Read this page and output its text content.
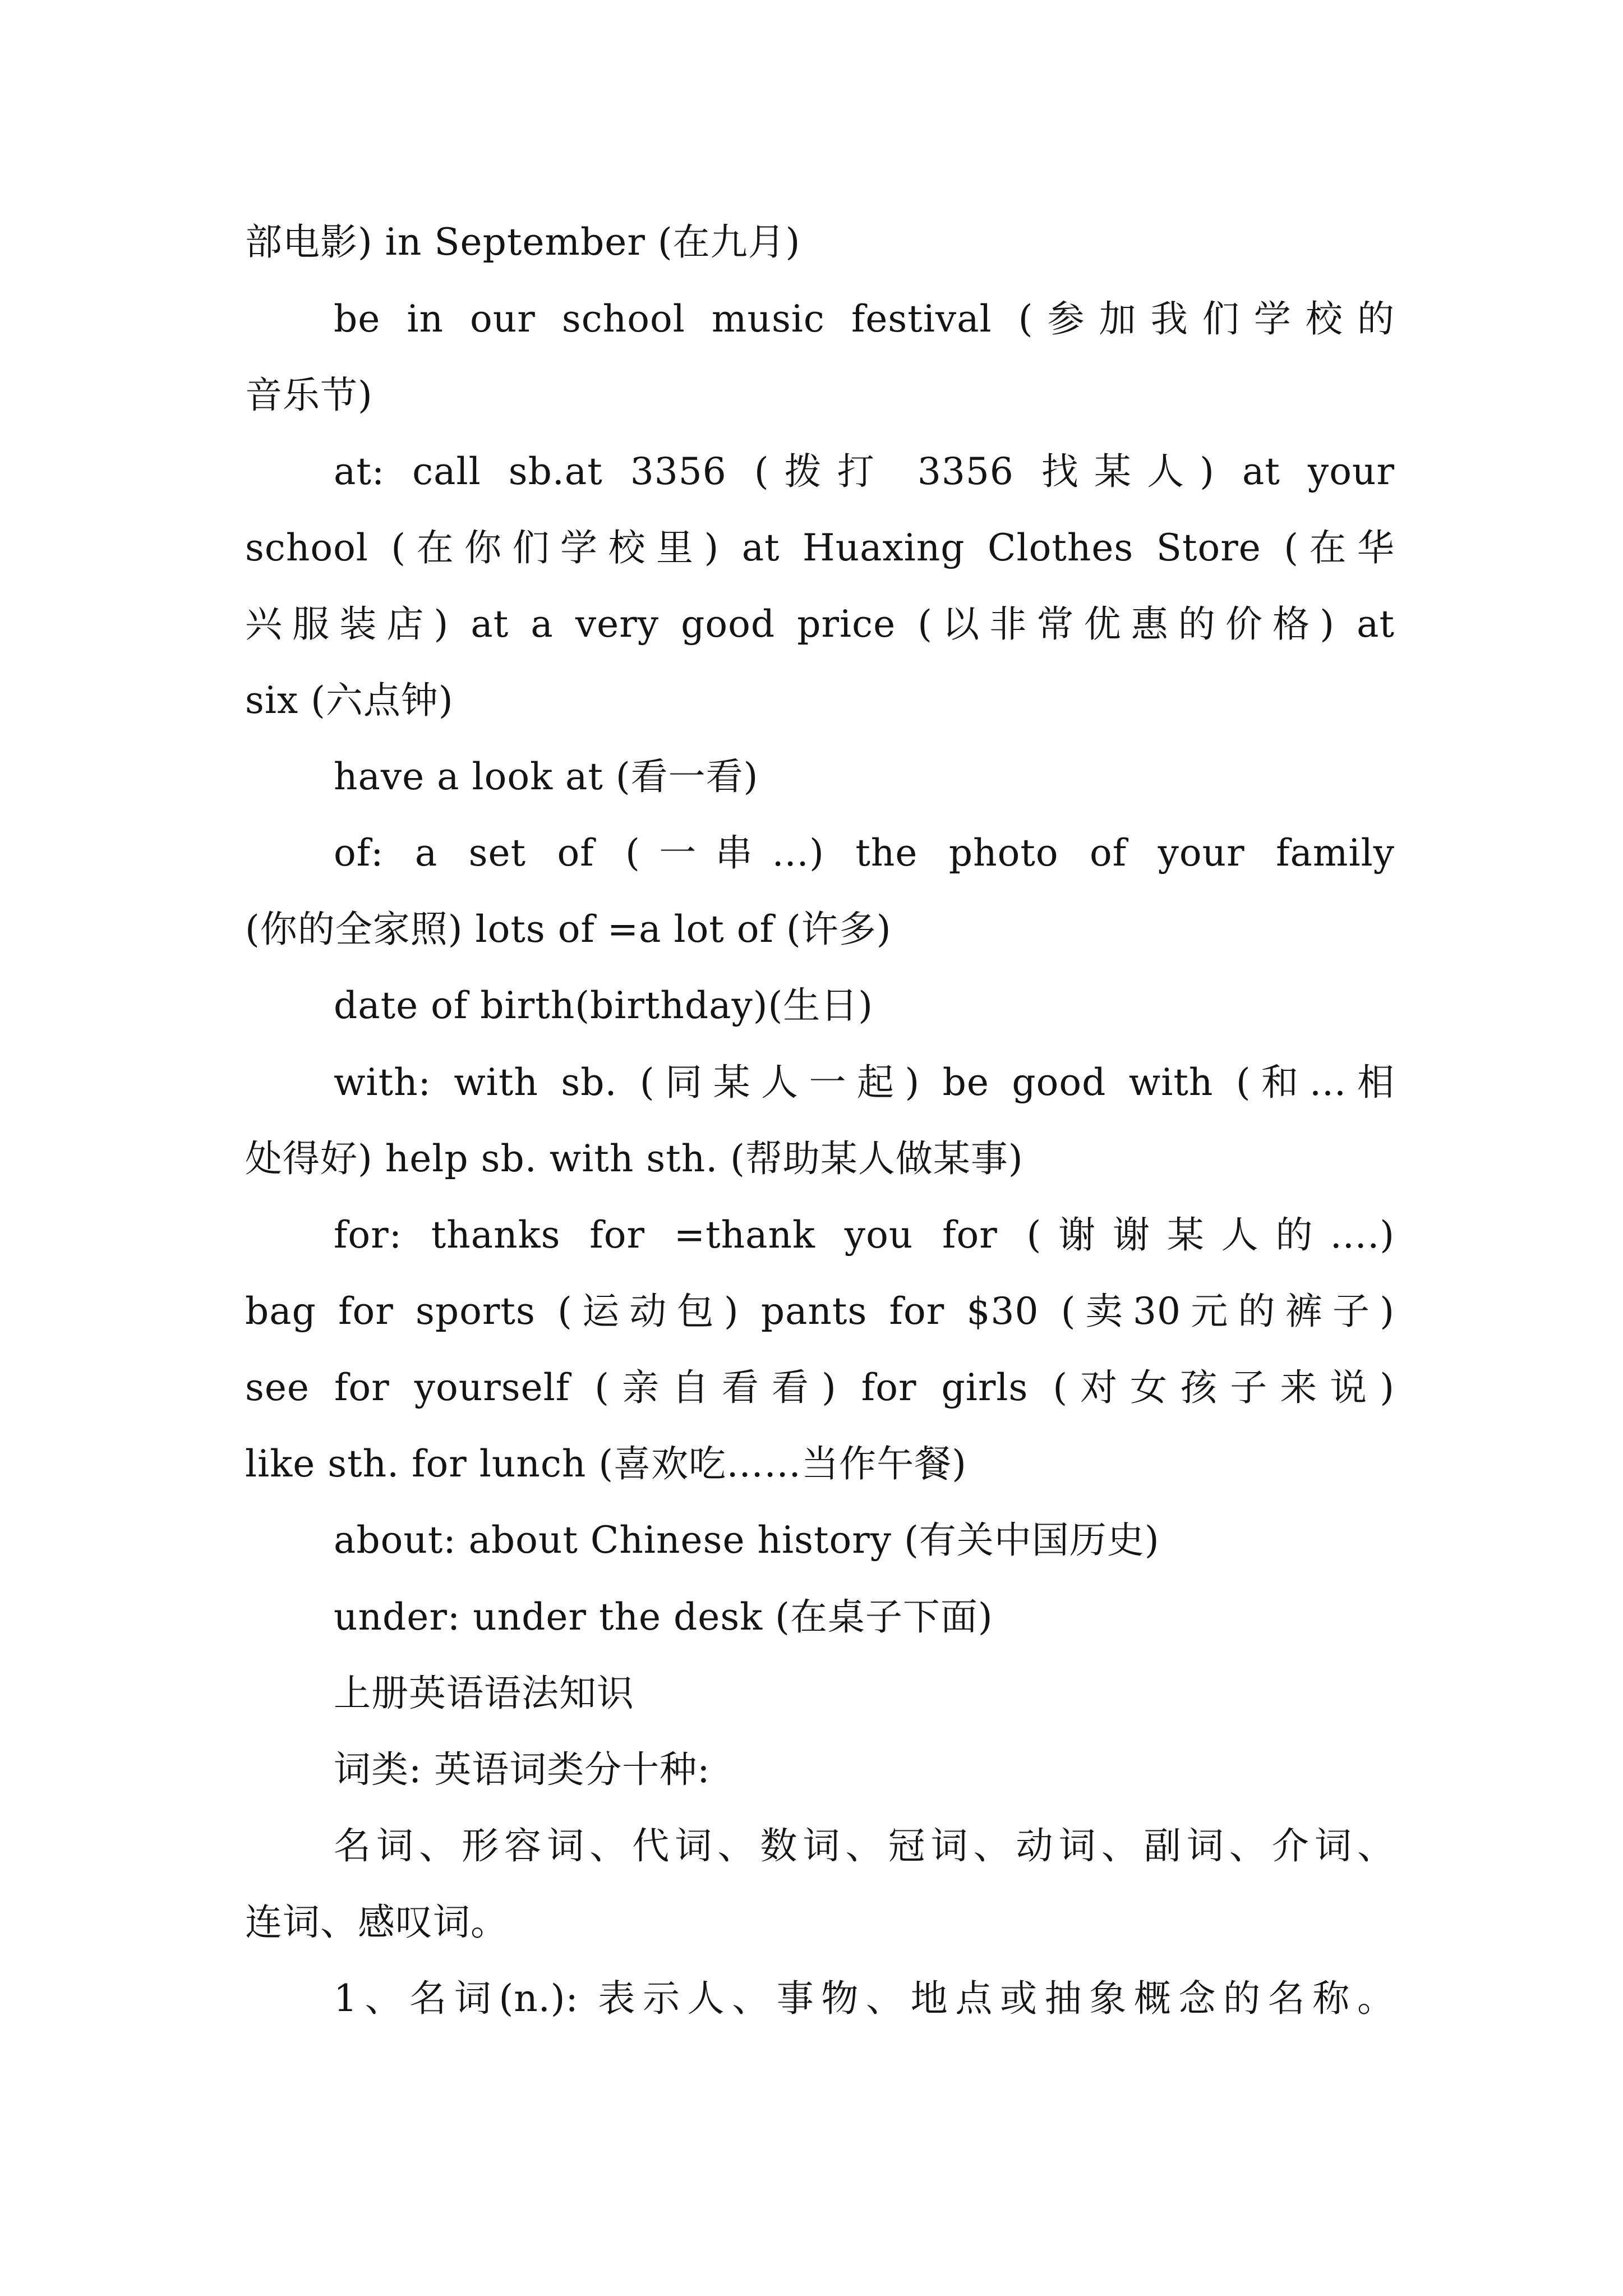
部电影) in September (在九月)
be in our school music festival (参加我们学校的
音乐节)
at: call sb.at 3356 (拨打 3356 找某人) at your
school (在你们学校里) at Huaxing Clothes Store (在华
兴服装店) at a very good price (以非常优惠的价格) at
six (六点钟)
have a look at (看一看)
of: a set of (一串…) the photo of your family
(你的全家照) lots of =a lot of (许多)
date of birth(birthday)(生日)
with: with sb. (同某人一起) be good with (和…相
处得好) help sb. with sth. (帮助某人做某事)
for: thanks for =thank you for (谢谢某人的….)
bag for sports (运动包) pants for $30 (卖30元的裤子)
see for yourself (亲自看看) for girls (对女孩子来说)
like sth. for lunch (喜欢吃……当作午餐)
about: about Chinese history (有关中国历史)
under: under the desk (在桌子下面)
上册英语语法知识
词类: 英语词类分十种:
名词、形容词、代词、数词、冠词、动词、副词、介词、
连词、感叹词。
1、名词(n.): 表示人、事物、地点或抽象概念的名称。
